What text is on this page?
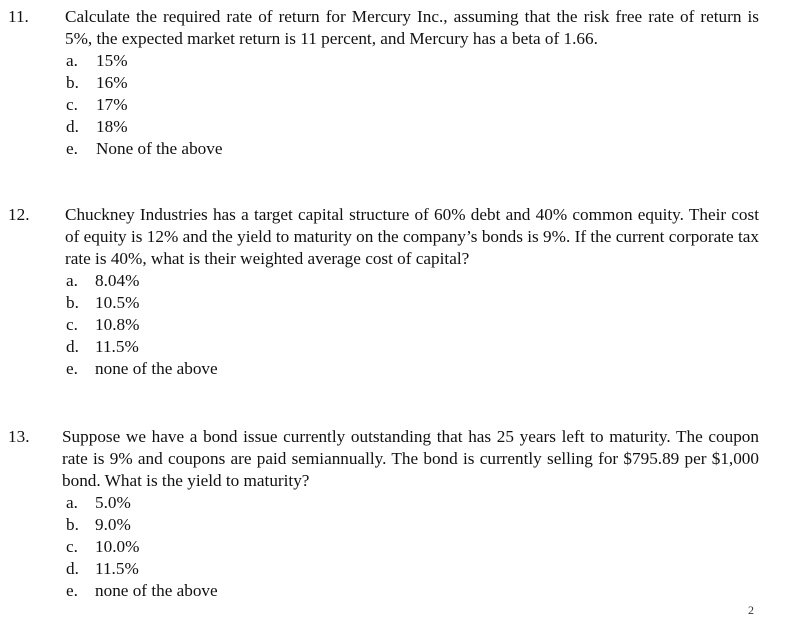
11. Calculate the required rate of return for Mercury Inc., assuming that the risk free rate of return is 5%, the expected market return is 11 percent, and Mercury has a beta of 1.66.
a. 15%
b. 16%
c. 17%
d. 18%
e. None of the above
12. Chuckney Industries has a target capital structure of 60% debt and 40% common equity. Their cost of equity is 12% and the yield to maturity on the company’s bonds is 9%. If the current corporate tax rate is 40%, what is their weighted average cost of capital?
a. 8.04%
b. 10.5%
c. 10.8%
d. 11.5%
e. none of the above
13. Suppose we have a bond issue currently outstanding that has 25 years left to maturity. The coupon rate is 9% and coupons are paid semiannually. The bond is currently selling for $795.89 per $1,000 bond. What is the yield to maturity?
a. 5.0%
b. 9.0%
c. 10.0%
d. 11.5%
e. none of the above
2
